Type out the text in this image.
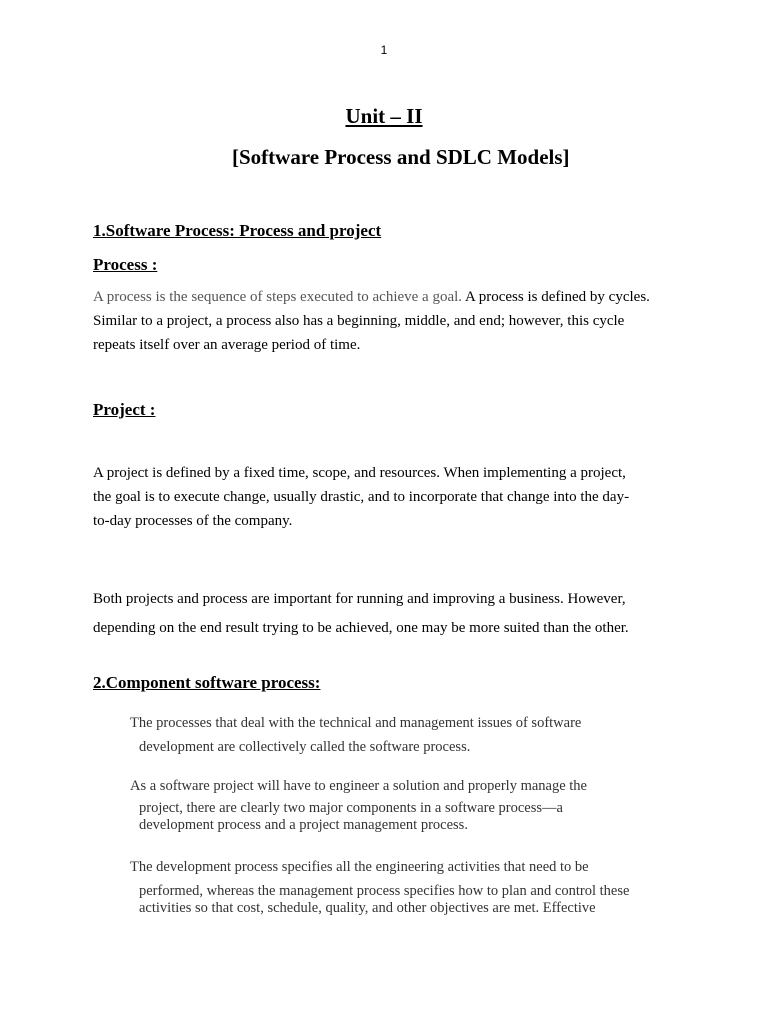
1
Unit – II
[Software Process and SDLC Models]
1.Software Process: Process and project
Process :
A process is the sequence of steps executed to achieve a goal. A process is defined by cycles.
Similar to a project, a process also has a beginning, middle, and end; however, this cycle
repeats itself over an average period of time.
Project :
A project is defined by a fixed time, scope, and resources. When implementing a project,
the goal is to execute change, usually drastic, and to incorporate that change into the day-
to-day processes of the company.
Both projects and process are important for running and improving a business. However,
depending on the end result trying to be achieved, one may be more suited than the other.
2.Component software process:
The processes that deal with the technical and management issues of software
development are collectively called the software process.
As a software project will have to engineer a solution and properly manage the
project, there are clearly two major components in a software process—a
development process and a project management process.
The development process specifies all the engineering activities that need to be
performed, whereas the management process specifies how to plan and control these
activities so that cost, schedule, quality, and other objectives are met. Effective
